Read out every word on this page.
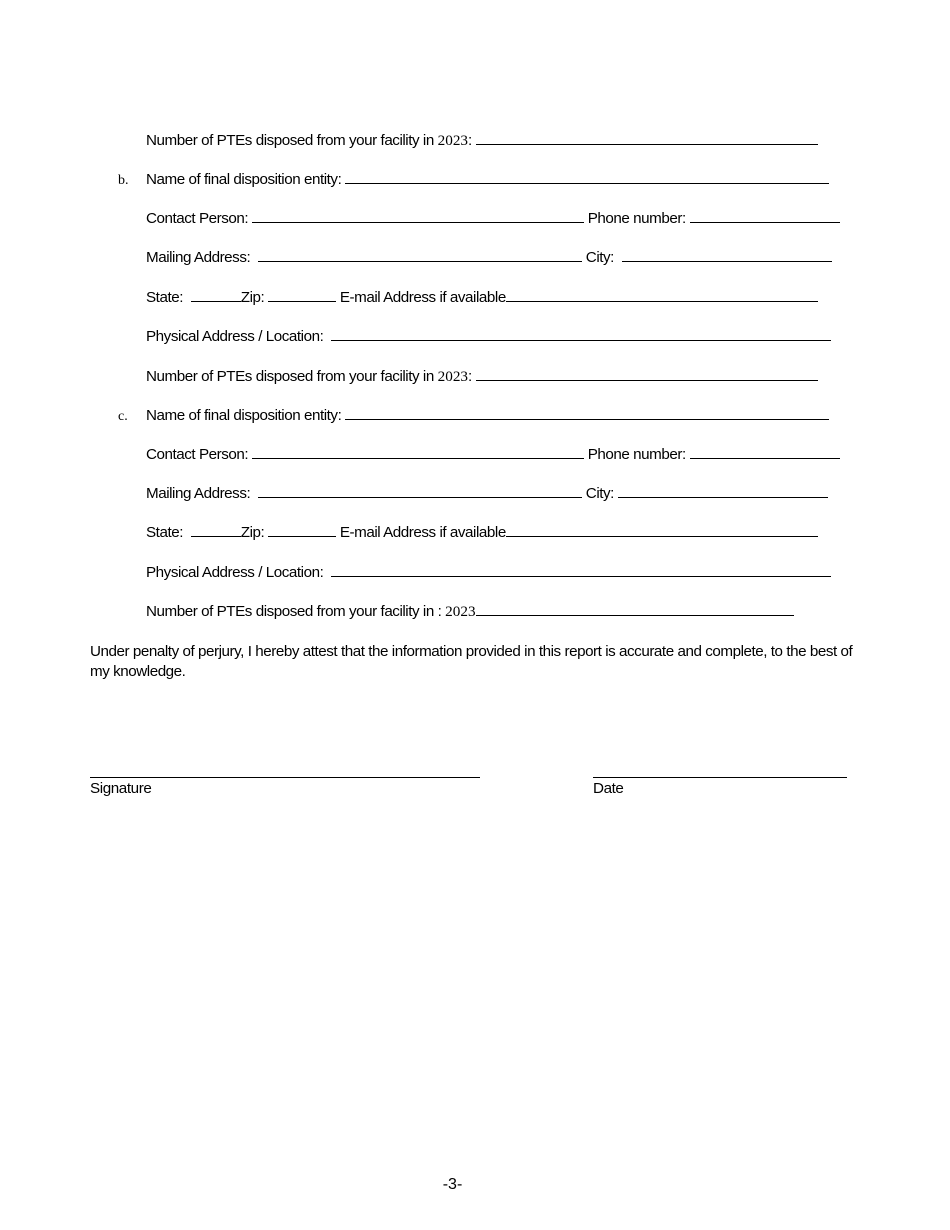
Number of PTEs disposed from your facility in 2023:
b. Name of final disposition entity:
Contact Person:	Phone number:
Mailing Address:	City:
State:	Zip:	E-mail Address if available
Physical Address / Location:
Number of PTEs disposed from your facility in 2023:
c. Name of final disposition entity:
Contact Person:	Phone number:
Mailing Address:	City:
State:	Zip:	E-mail Address if available
Physical Address / Location:
Number of PTEs disposed from your facility in : 2023
Under penalty of perjury, I hereby attest that the information provided in this report is accurate and complete, to the best of my knowledge.
Signature	Date
-3-
